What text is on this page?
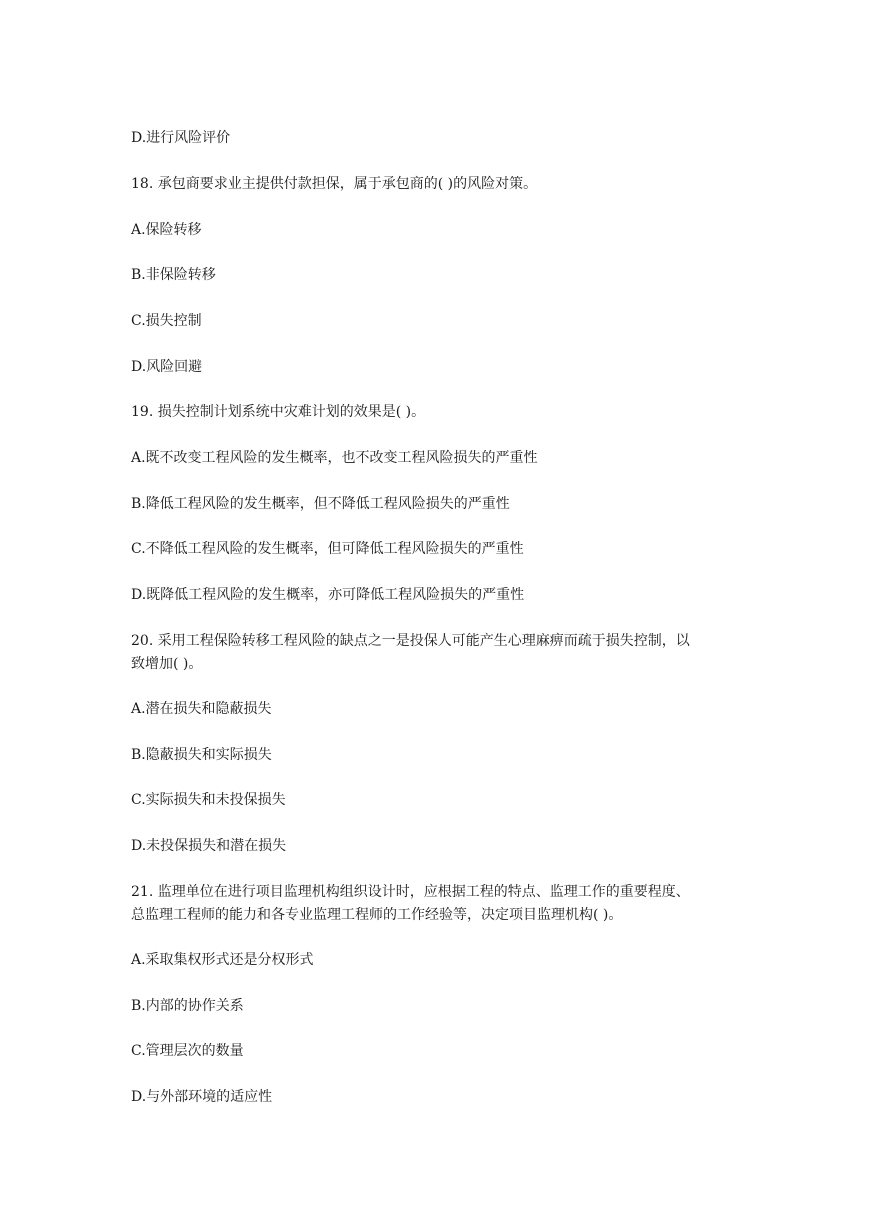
D.进行风险评价
18. 承包商要求业主提供付款担保，属于承包商的( )的风险对策。
A.保险转移
B.非保险转移
C.损失控制
D.风险回避
19. 损失控制计划系统中灾难计划的效果是( )。
A.既不改变工程风险的发生概率，也不改变工程风险损失的严重性
B.降低工程风险的发生概率，但不降低工程风险损失的严重性
C.不降低工程风险的发生概率，但可降低工程风险损失的严重性
D.既降低工程风险的发生概率，亦可降低工程风险损失的严重性
20. 采用工程保险转移工程风险的缺点之一是投保人可能产生心理麻痹而疏于损失控制，以
致增加( )。
A.潜在损失和隐蔽损失
B.隐蔽损失和实际损失
C.实际损失和未投保损失
D.未投保损失和潜在损失
21. 监理单位在进行项目监理机构组织设计时，应根据工程的特点、监理工作的重要程度、
总监理工程师的能力和各专业监理工程师的工作经验等，决定项目监理机构( )。
A.采取集权形式还是分权形式
B.内部的协作关系
C.管理层次的数量
D.与外部环境的适应性
